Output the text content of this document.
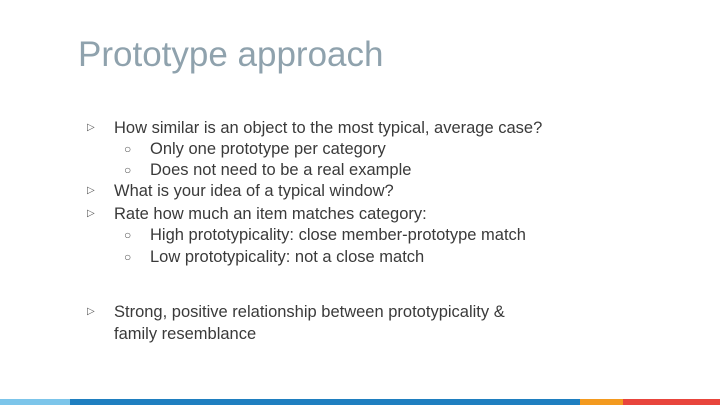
Prototype approach
▷ How similar is an object to the most typical, average case?
○ Only one prototype per category
○ Does not need to be a real example
▷ What is your idea of a typical window?
▷ Rate how much an item matches category:
○ High prototypicality: close member-prototype match
○ Low prototypicality: not a close match
▷ Strong, positive relationship between prototypicality &
family resemblance
